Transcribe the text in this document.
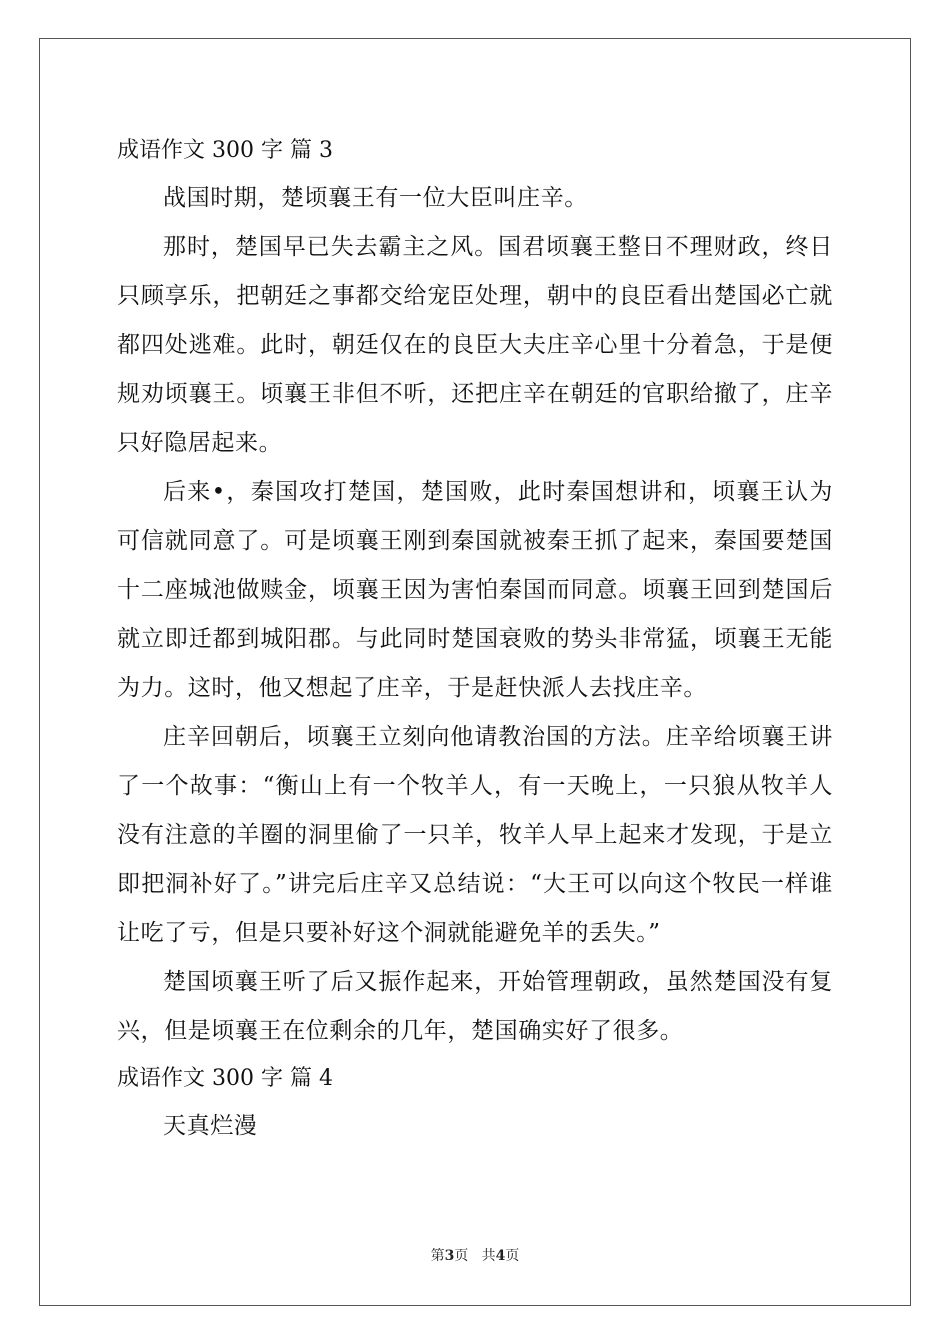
成语作文 300 字 篇 3

战国时期，楚顷襄王有一位大臣叫庄辛。

那时，楚国早已失去霸主之风。国君顷襄王整日不理财政，终日只顾享乐，把朝廷之事都交给宠臣处理，朝中的良臣看出楚国必亡就都四处逃难。此时，朝廷仅在的良臣大夫庄辛心里十分着急，于是便规劝顷襄王。顷襄王非但不听，还把庄辛在朝廷的官职给撤了，庄辛只好隐居起来。

后来•，秦国攻打楚国，楚国败，此时秦国想讲和，顷襄王认为可信就同意了。可是顷襄王刚到秦国就被秦王抓了起来，秦国要楚国十二座城池做赎金，顷襄王因为害怕秦国而同意。顷襄王回到楚国后就立即迁都到城阳郡。与此同时楚国衰败的势头非常猛，顷襄王无能为力。这时，他又想起了庄辛，于是赶快派人去找庄辛。

庄辛回朝后，顷襄王立刻向他请教治国的方法。庄辛给顷襄王讲了一个故事：“衡山上有一个牧羊人，有一天晚上，一只狼从牧羊人没有注意的羊圈的洞里偷了一只羊，牧羊人早上起来才发现，于是立即把洞补好了。”讲完后庄辛又总结说：“大王可以向这个牧民一样谁让吃了亏，但是只要补好这个洞就能避免羊的丢失。”

楚国顷襄王听了后又振作起来，开始管理朝政，虽然楚国没有复兴，但是顷襄王在位剩余的几年，楚国确实好了很多。

成语作文 300 字 篇 4

天真烂漫

第3页 共4页
